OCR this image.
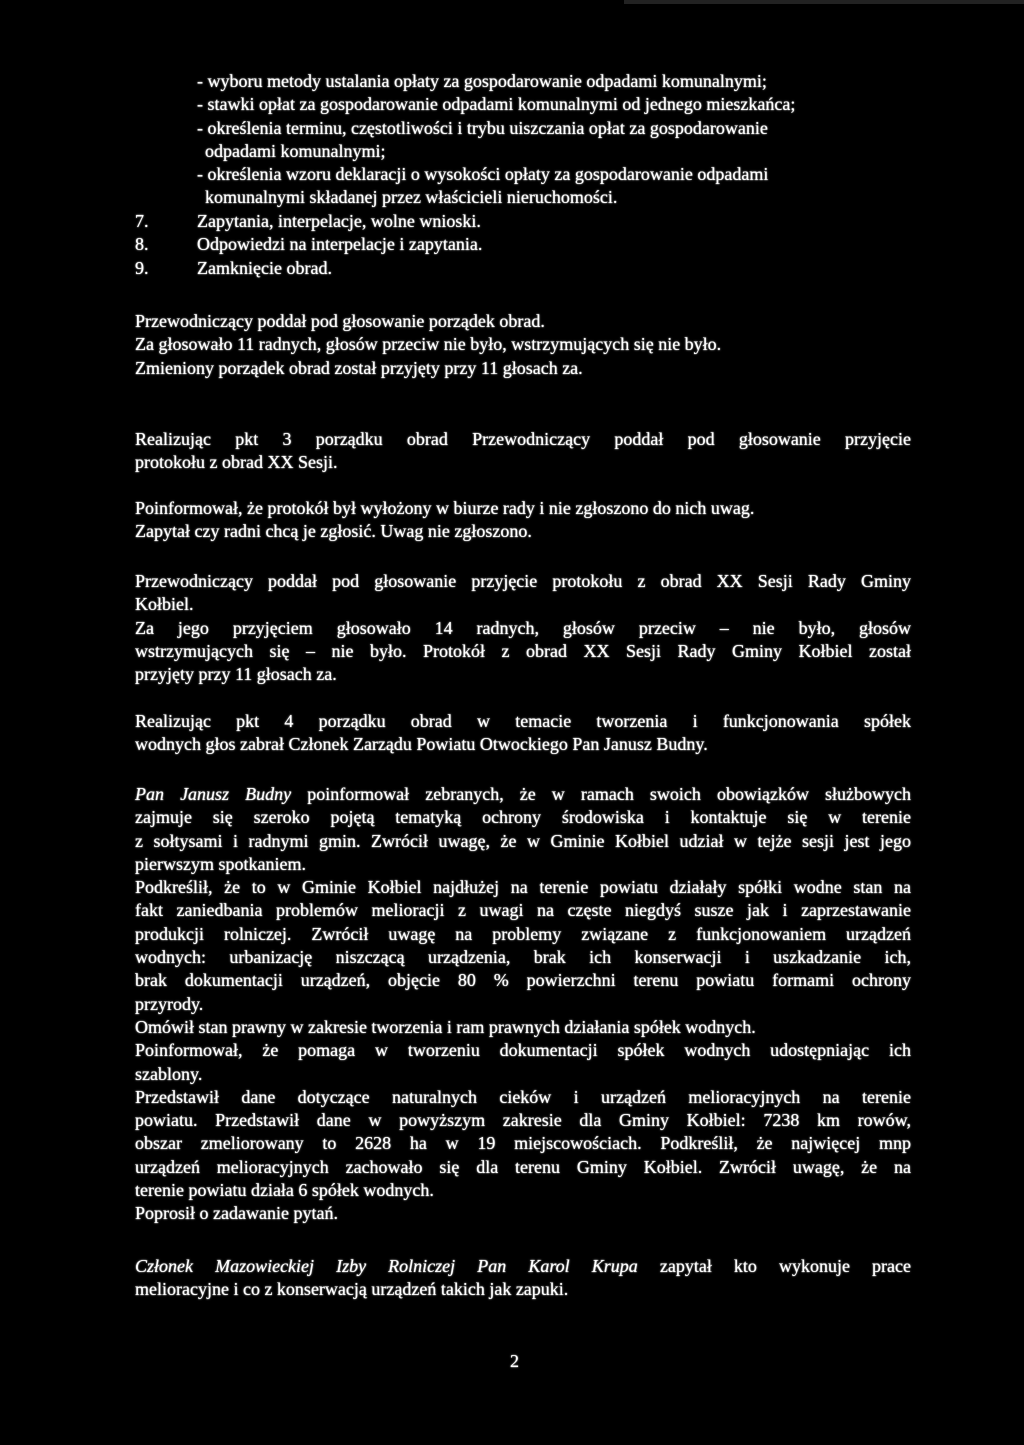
- wyboru metody ustalania opłaty za gospodarowanie odpadami komunalnymi;
- stawki opłat za gospodarowanie odpadami komunalnymi od jednego mieszkańca;
- określenia terminu, częstotliwości i trybu uiszczania opłat za gospodarowanie
odpadami komunalnymi;
- określenia wzoru deklaracji o wysokości opłaty za gospodarowanie odpadami
komunalnymi składanej przez właścicieli nieruchomości.
7.	Zapytania, interpelacje, wolne wnioski.
8.	Odpowiedzi na interpelacje i zapytania.
9.	Zamknięcie obrad.
Przewodniczący poddał pod głosowanie porządek obrad.
Za głosowało 11 radnych, głosów przeciw nie było, wstrzymujących się nie było.
Zmieniony porządek obrad został przyjęty przy 11 głosach za.
Realizując pkt 3 porządku obrad Przewodniczący poddał pod głosowanie przyjęcie
protokołu z obrad XX Sesji.
Poinformował, że protokół był wyłożony w biurze rady i nie zgłoszono do nich uwag.
Zapytał czy radni chcą je zgłosić. Uwag nie zgłoszono.
Przewodniczący poddał pod głosowanie przyjęcie protokołu z obrad XX Sesji Rady Gminy
Kołbiel.
Za jego przyjęciem głosowało 14 radnych, głosów przeciw – nie było, głosów
wstrzymujących się – nie było. Protokół z obrad XX Sesji Rady Gminy Kołbiel został
przyjęty przy 11 głosach za.
Realizując pkt 4 porządku obrad w temacie tworzenia i funkcjonowania spółek
wodnych głos zabrał Członek Zarządu Powiatu Otwockiego Pan Janusz Budny.
Pan Janusz Budny poinformował zebranych, że w ramach swoich obowiązków służbowych
zajmuje się szeroko pojętą tematyką ochrony środowiska i kontaktuje się w terenie
z sołtysami i radnymi gmin. Zwrócił uwagę, że w Gminie Kołbiel udział w tejże sesji jest jego
pierwszym spotkaniem.
Podkreślił, że to w Gminie Kołbiel najdłużej na terenie powiatu działały spółki wodne stan na
fakt zaniedbania problemów melioracji z uwagi na częste niegdyś susze jak i zaprzestawanie
produkcji rolniczej. Zwrócił uwagę na problemy związane z funkcjonowaniem urządzeń
wodnych: urbanizację niszczącą urządzenia, brak ich konserwacji i uszkadzanie ich,
brak dokumentacji urządzeń, objęcie 80 % powierzchni terenu powiatu formami ochrony
przyrody.
Omówił stan prawny w zakresie tworzenia i ram prawnych działania spółek wodnych.
Poinformował, że pomaga w tworzeniu dokumentacji spółek wodnych udostępniając ich
szablony.
Przedstawił dane dotyczące naturalnych cieków i urządzeń melioracyjnych na terenie
powiatu. Przedstawił dane w powyższym zakresie dla Gminy Kołbiel: 7238 km rowów,
obszar zmeliorowany to 2628 ha w 19 miejscowościach. Podkreślił, że najwięcej mnp
urządzeń melioracyjnych zachowało się dla terenu Gminy Kołbiel. Zwrócił uwagę, że na
terenie powiatu działa 6 spółek wodnych.
Poprosił o zadawanie pytań.
Członek Mazowieckiej Izby Rolniczej Pan Karol Krupa zapytał kto wykonuje prace
melioracyjne i co z konserwacją urządzeń takich jak zapuki.
2
